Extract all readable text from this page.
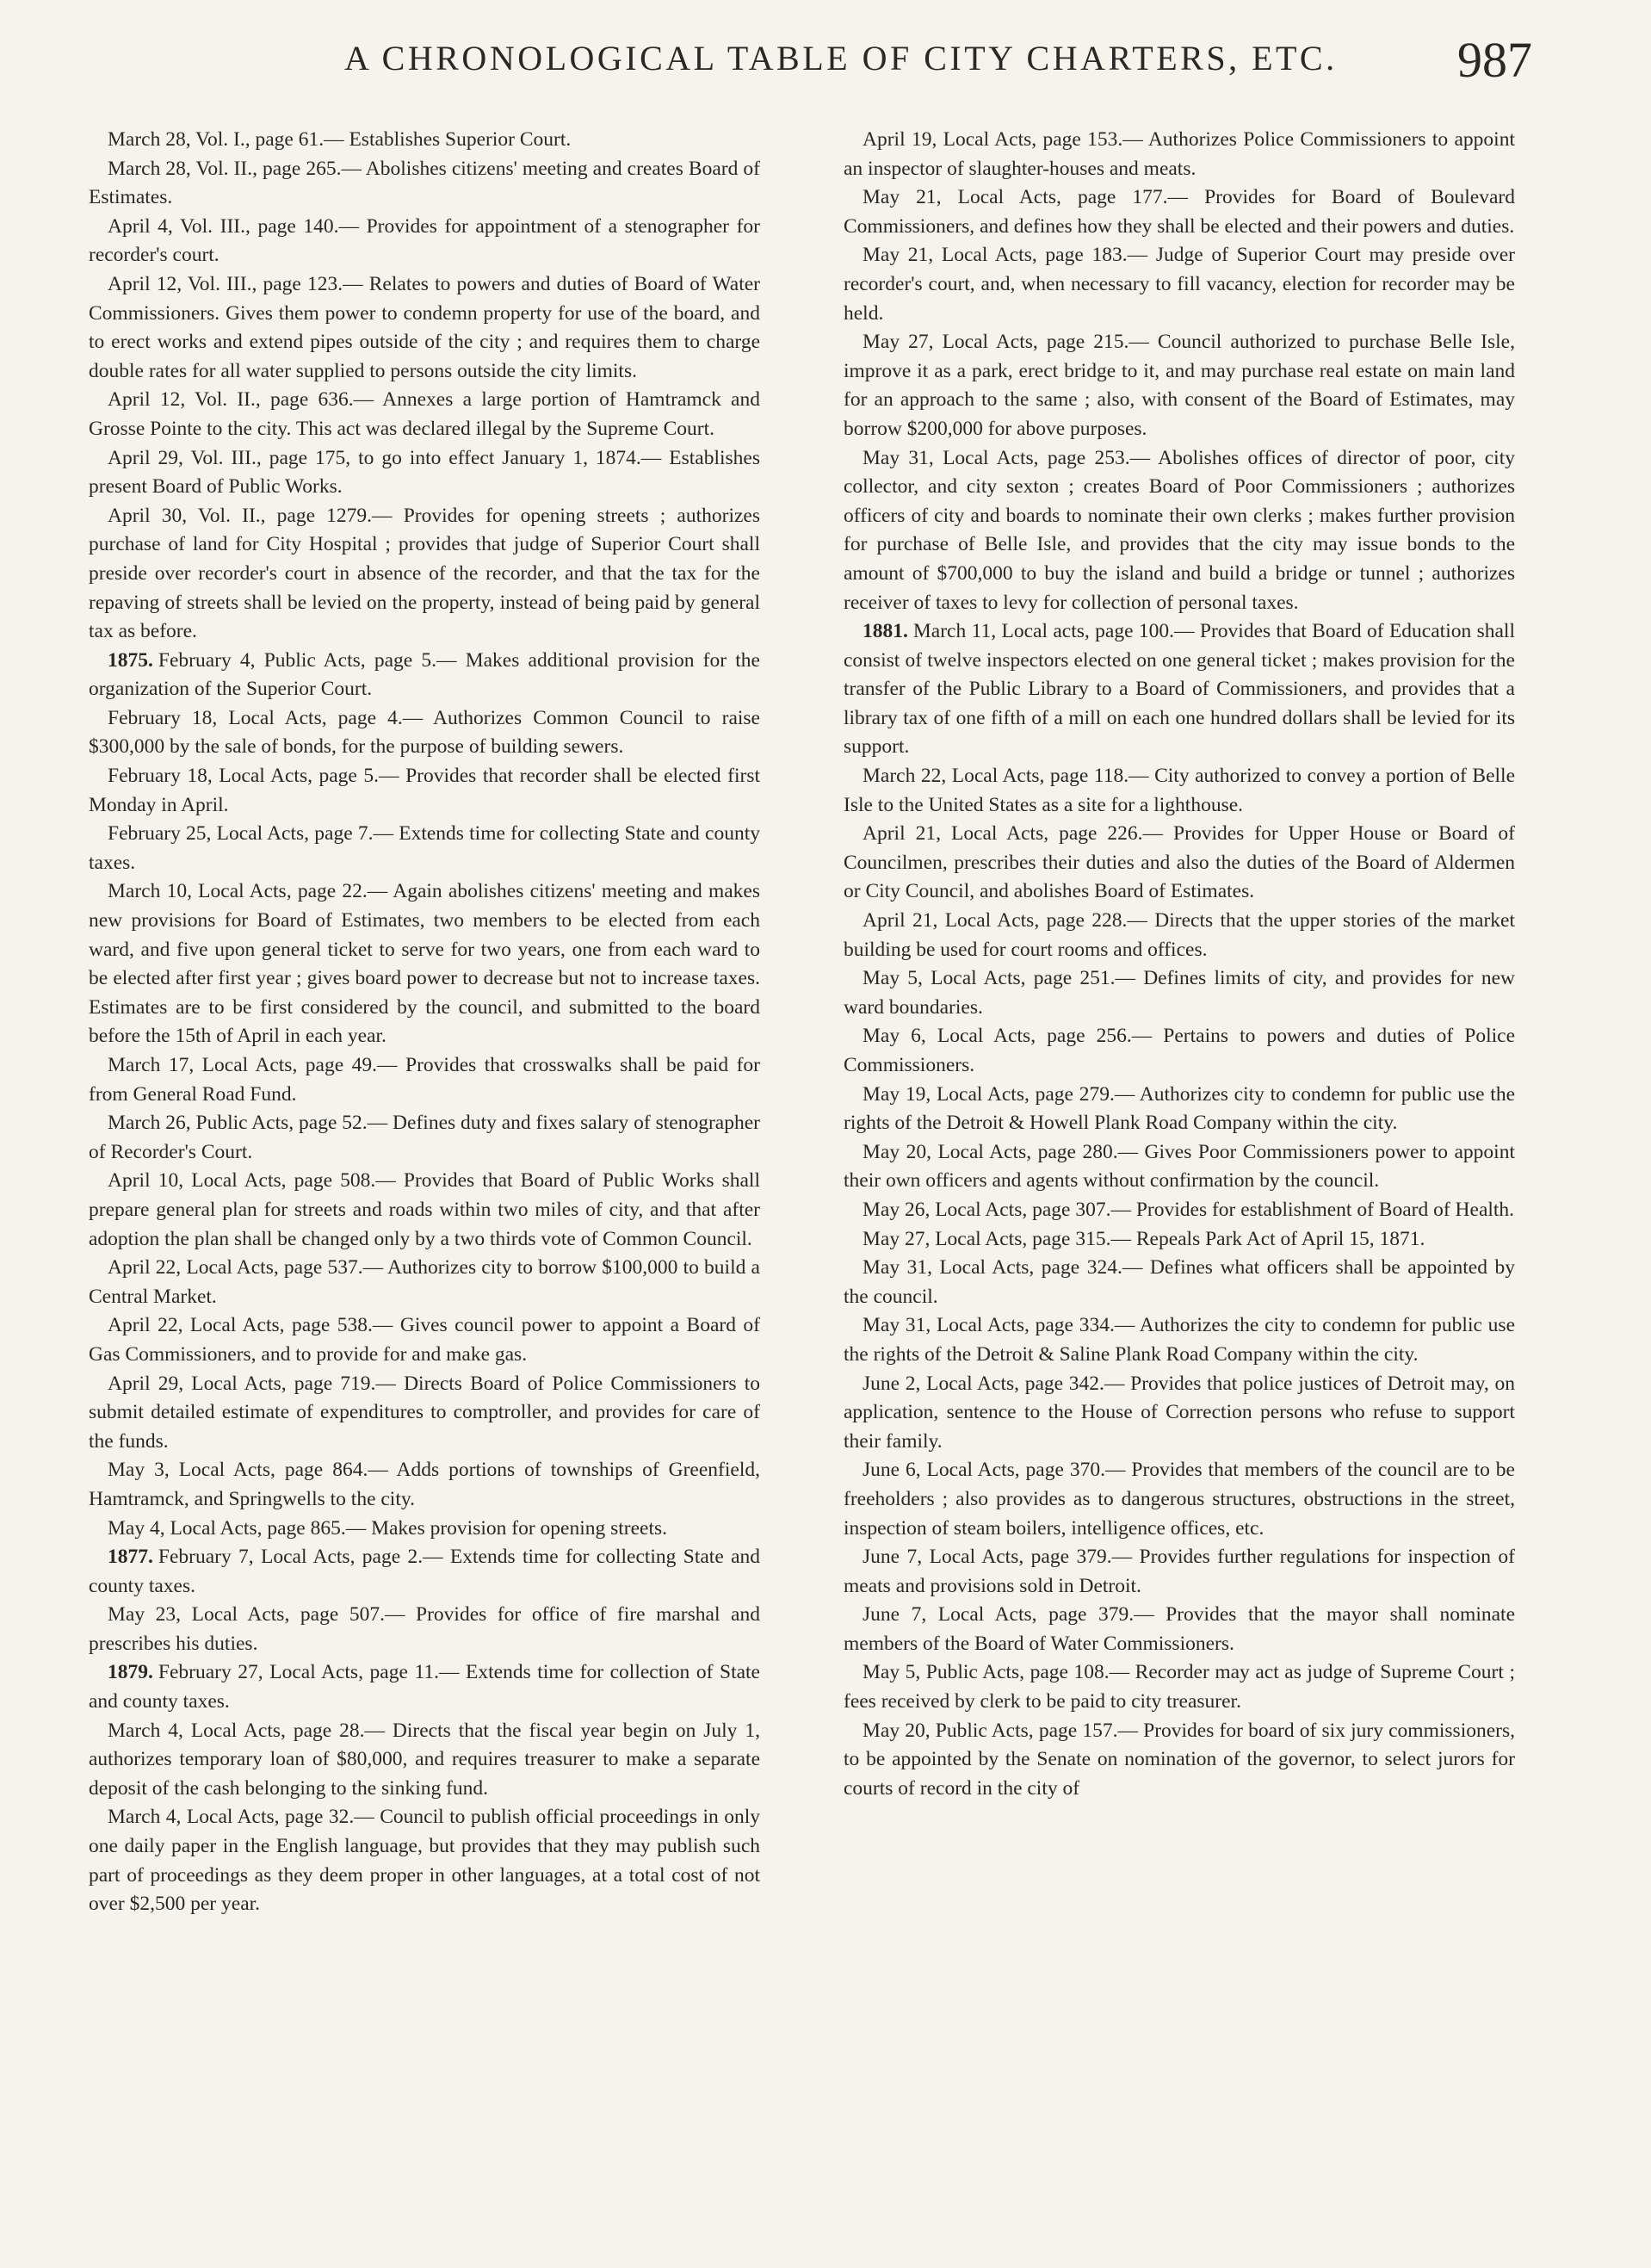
A CHRONOLOGICAL TABLE OF CITY CHARTERS, ETC. 987

March 28, Vol. I., page 61.— Establishes Superior Court.

March 28, Vol. II., page 265.— Abolishes citizens' meeting and creates Board of Estimates.

April 4, Vol. III., page 140.— Provides for appointment of a stenographer for recorder's court.

April 12, Vol. III., page 123.— Relates to powers and duties of Board of Water Commissioners. Gives them power to condemn property for use of the board, and to erect works and extend pipes outside of the city ; and requires them to charge double rates for all water supplied to persons outside the city limits.

April 12, Vol. II., page 636.— Annexes a large portion of Hamtramck and Grosse Pointe to the city. This act was declared illegal by the Supreme Court.

April 29, Vol. III., page 175, to go into effect January 1, 1874.— Establishes present Board of Public Works.

April 30, Vol. II., page 1279.— Provides for opening streets ; authorizes purchase of land for City Hospital ; provides that judge of Superior Court shall preside over recorder's court in absence of the recorder, and that the tax for the repaving of streets shall be levied on the property, instead of being paid by general tax as before.

1875. February 4, Public Acts, page 5.— Makes additional provision for the organization of the Superior Court.

February 18, Local Acts, page 4.— Authorizes Common Council to raise $300,000 by the sale of bonds, for the purpose of building sewers.

February 18, Local Acts, page 5.— Provides that recorder shall be elected first Monday in April.

February 25, Local Acts, page 7.— Extends time for collecting State and county taxes.

March 10, Local Acts, page 22.— Again abolishes citizens' meeting and makes new provisions for Board of Estimates, two members to be elected from each ward, and five upon general ticket to serve for two years, one from each ward to be elected after first year ; gives board power to decrease but not to increase taxes. Estimates are to be first considered by the council, and submitted to the board before the 15th of April in each year.

March 17, Local Acts, page 49.— Provides that crosswalks shall be paid for from General Road Fund.

March 26, Public Acts, page 52.— Defines duty and fixes salary of stenographer of Recorder's Court.

April 10, Local Acts, page 508.— Provides that Board of Public Works shall prepare general plan for streets and roads within two miles of city, and that after adoption the plan shall be changed only by a two thirds vote of Common Council.

April 22, Local Acts, page 537.— Authorizes city to borrow $100,000 to build a Central Market.

April 22, Local Acts, page 538.— Gives council power to appoint a Board of Gas Commissioners, and to provide for and make gas.

April 29, Local Acts, page 719.— Directs Board of Police Commissioners to submit detailed estimate of expenditures to comptroller, and provides for care of the funds.

May 3, Local Acts, page 864.— Adds portions of townships of Greenfield, Hamtramck, and Springwells to the city.

May 4, Local Acts, page 865.— Makes provision for opening streets.

1877. February 7, Local Acts, page 2.— Extends time for collecting State and county taxes.

May 23, Local Acts, page 507.— Provides for office of fire marshal and prescribes his duties.

1879. February 27, Local Acts, page 11.— Extends time for collection of State and county taxes.

March 4, Local Acts, page 28.— Directs that the fiscal year begin on July 1, authorizes temporary loan of $80,000, and requires treasurer to make a separate deposit of the cash belonging to the sinking fund.

March 4, Local Acts, page 32.— Council to publish official proceedings in only one daily paper in the English language, but provides that they may publish such part of proceedings as they deem proper in other languages, at a total cost of not over $2,500 per year.

April 19, Local Acts, page 153.— Authorizes Police Commissioners to appoint an inspector of slaughter-houses and meats.

May 21, Local Acts, page 177.— Provides for Board of Boulevard Commissioners, and defines how they shall be elected and their powers and duties.

May 21, Local Acts, page 183.— Judge of Superior Court may preside over recorder's court, and, when necessary to fill vacancy, election for recorder may be held.

May 27, Local Acts, page 215.— Council authorized to purchase Belle Isle, improve it as a park, erect bridge to it, and may purchase real estate on main land for an approach to the same ; also, with consent of the Board of Estimates, may borrow $200,000 for above purposes.

May 31, Local Acts, page 253.— Abolishes offices of director of poor, city collector, and city sexton ; creates Board of Poor Commissioners ; authorizes officers of city and boards to nominate their own clerks ; makes further provision for purchase of Belle Isle, and provides that the city may issue bonds to the amount of $700,000 to buy the island and build a bridge or tunnel ; authorizes receiver of taxes to levy for collection of personal taxes.

1881. March 11, Local acts, page 100.— Provides that Board of Education shall consist of twelve inspectors elected on one general ticket ; makes provision for the transfer of the Public Library to a Board of Commissioners, and provides that a library tax of one fifth of a mill on each one hundred dollars shall be levied for its support.

March 22, Local Acts, page 118.— City authorized to convey a portion of Belle Isle to the United States as a site for a lighthouse.

April 21, Local Acts, page 226.— Provides for Upper House or Board of Councilmen, prescribes their duties and also the duties of the Board of Aldermen or City Council, and abolishes Board of Estimates.

April 21, Local Acts, page 228.— Directs that the upper stories of the market building be used for court rooms and offices.

May 5, Local Acts, page 251.— Defines limits of city, and provides for new ward boundaries.

May 6, Local Acts, page 256.— Pertains to powers and duties of Police Commissioners.

May 19, Local Acts, page 279.— Authorizes city to condemn for public use the rights of the Detroit & Howell Plank Road Company within the city.

May 20, Local Acts, page 280.— Gives Poor Commissioners power to appoint their own officers and agents without confirmation by the council.

May 26, Local Acts, page 307.— Provides for establishment of Board of Health.

May 27, Local Acts, page 315.— Repeals Park Act of April 15, 1871.

May 31, Local Acts, page 324.— Defines what officers shall be appointed by the council.

May 31, Local Acts, page 334.— Authorizes the city to condemn for public use the rights of the Detroit & Saline Plank Road Company within the city.

June 2, Local Acts, page 342.— Provides that police justices of Detroit may, on application, sentence to the House of Correction persons who refuse to support their family.

June 6, Local Acts, page 370.— Provides that members of the council are to be freeholders ; also provides as to dangerous structures, obstructions in the street, inspection of steam boilers, intelligence offices, etc.

June 7, Local Acts, page 379.— Provides further regulations for inspection of meats and provisions sold in Detroit.

June 7, Local Acts, page 379.— Provides that the mayor shall nominate members of the Board of Water Commissioners.

May 5, Public Acts, page 108.— Recorder may act as judge of Supreme Court ; fees received by clerk to be paid to city treasurer.

May 20, Public Acts, page 157.— Provides for board of six jury commissioners, to be appointed by the Senate on nomination of the governor, to select jurors for courts of record in the city of
